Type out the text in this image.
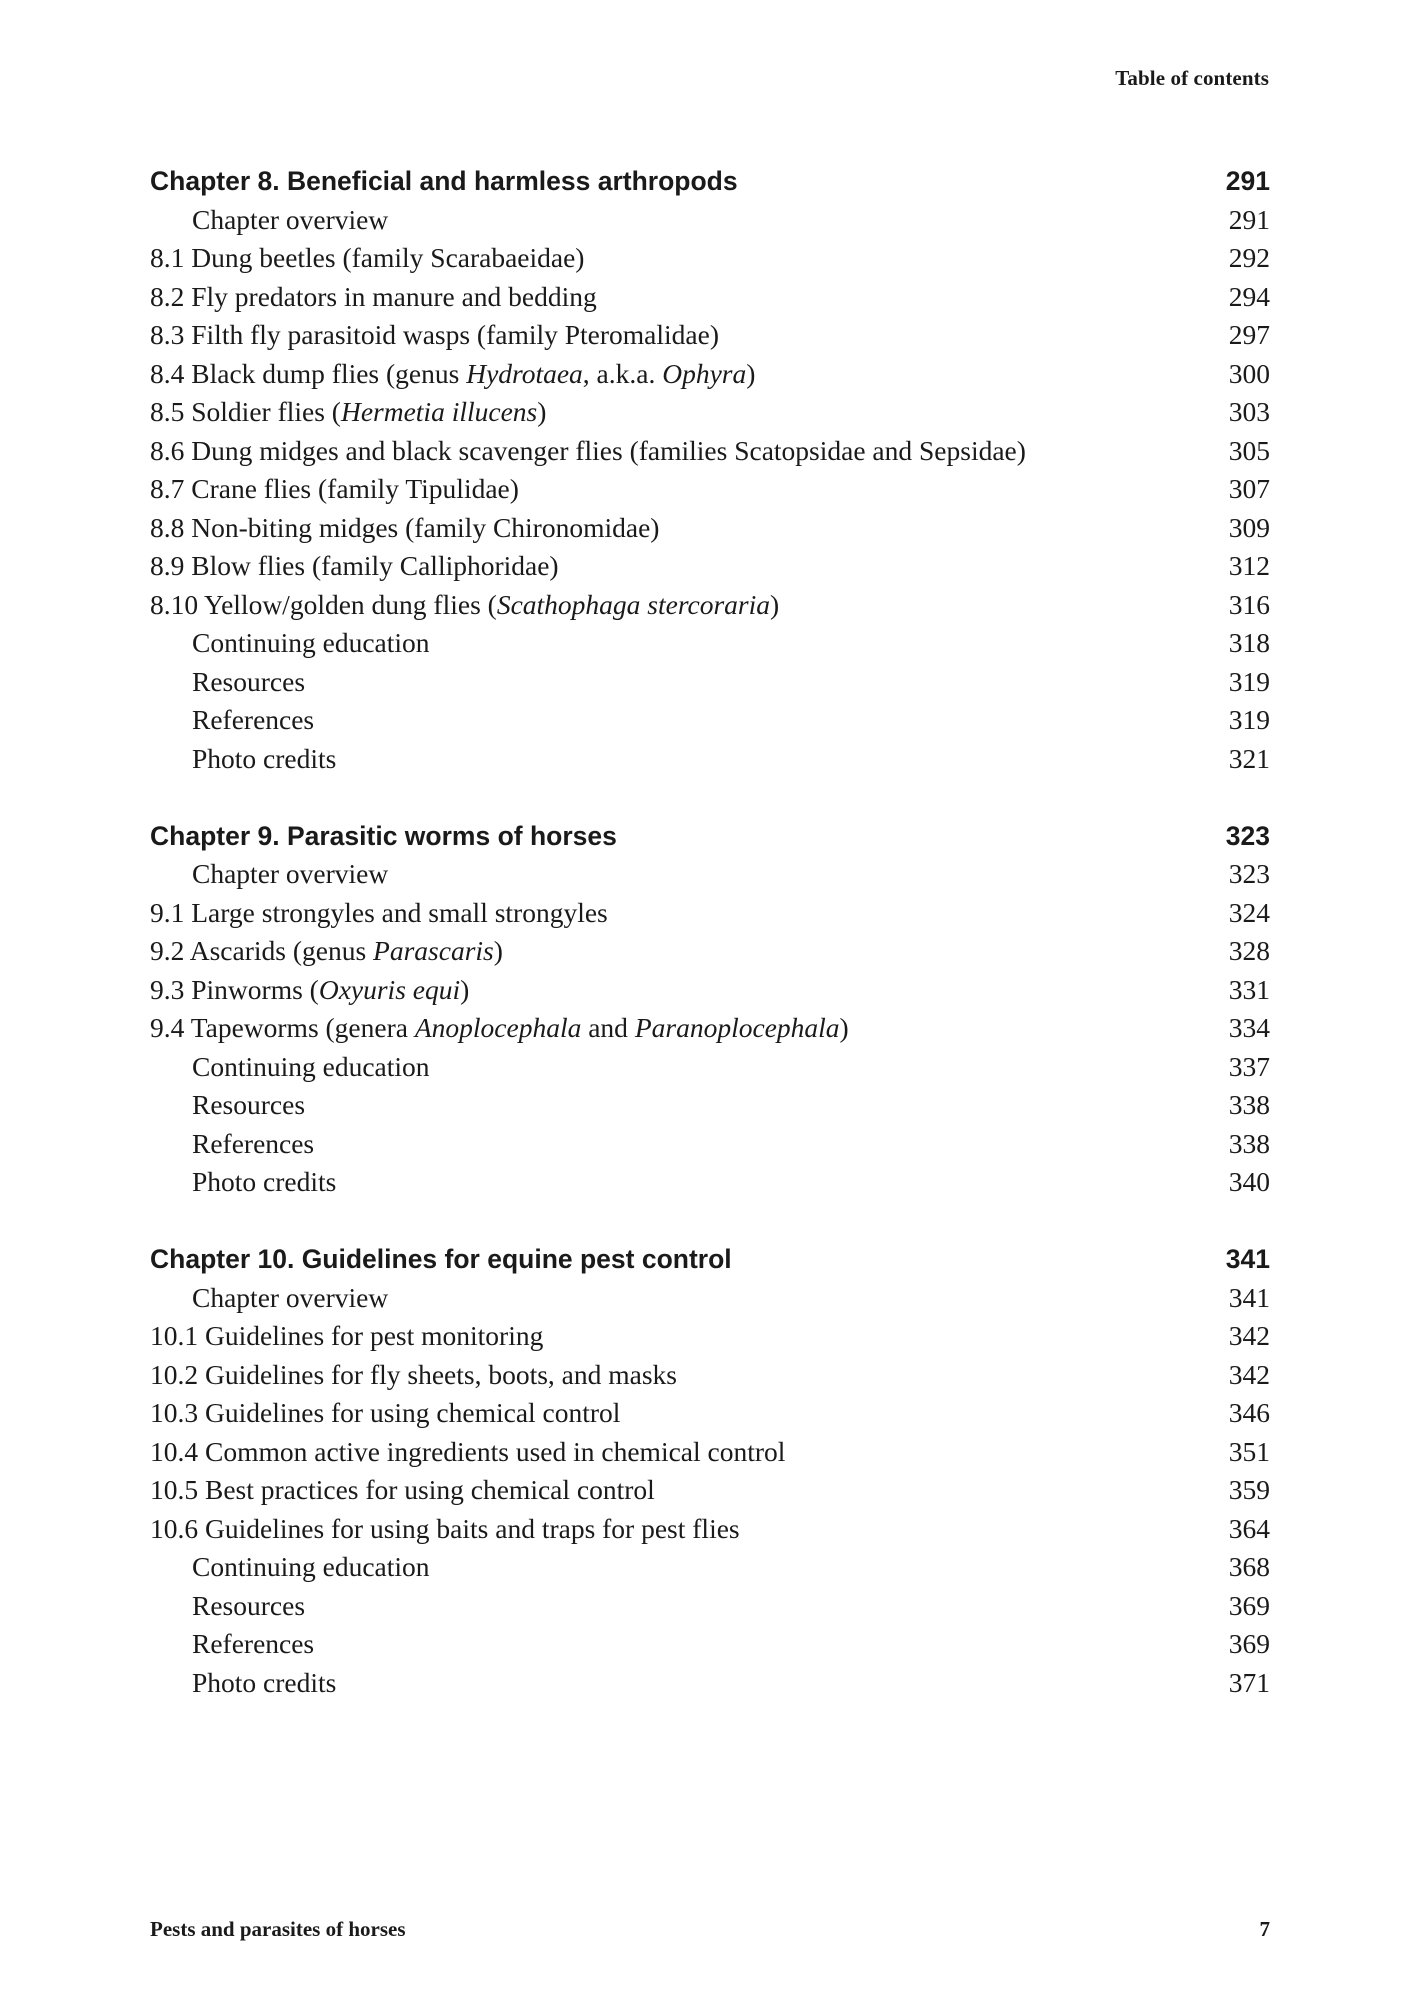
Table of contents
Chapter 8. Beneficial and harmless arthropods	291
Chapter overview	291
8.1 Dung beetles (family Scarabaeidae)	292
8.2 Fly predators in manure and bedding	294
8.3 Filth fly parasitoid wasps (family Pteromalidae)	297
8.4 Black dump flies (genus Hydrotaea, a.k.a. Ophyra)	300
8.5 Soldier flies (Hermetia illucens)	303
8.6 Dung midges and black scavenger flies (families Scatopsidae and Sepsidae)	305
8.7 Crane flies (family Tipulidae)	307
8.8 Non-biting midges (family Chironomidae)	309
8.9 Blow flies (family Calliphoridae)	312
8.10 Yellow/golden dung flies (Scathophaga stercoraria)	316
Continuing education	318
Resources	319
References	319
Photo credits	321
Chapter 9. Parasitic worms of horses	323
Chapter overview	323
9.1 Large strongyles and small strongyles	324
9.2 Ascarids (genus Parascaris)	328
9.3 Pinworms (Oxyuris equi)	331
9.4 Tapeworms (genera Anoplocephala and Paranoplocephala)	334
Continuing education	337
Resources	338
References	338
Photo credits	340
Chapter 10. Guidelines for equine pest control	341
Chapter overview	341
10.1 Guidelines for pest monitoring	342
10.2 Guidelines for fly sheets, boots, and masks	342
10.3 Guidelines for using chemical control	346
10.4 Common active ingredients used in chemical control	351
10.5 Best practices for using chemical control	359
10.6 Guidelines for using baits and traps for pest flies	364
Continuing education	368
Resources	369
References	369
Photo credits	371
Pests and parasites of horses	7
